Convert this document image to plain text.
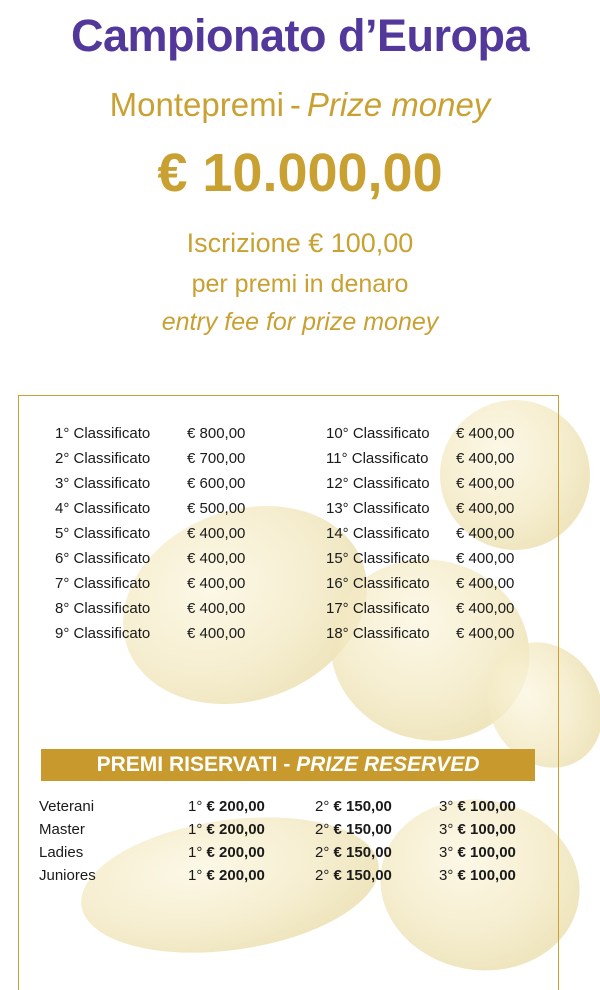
Campionato d’Europa
Montepremi - Prize money
€ 10.000,00
Iscrizione € 100,00
per premi in denaro
entry fee for prize money
1° Classificato € 800,00
2° Classificato € 700,00
3° Classificato € 600,00
4° Classificato € 500,00
5° Classificato € 400,00
6° Classificato € 400,00
7° Classificato € 400,00
8° Classificato € 400,00
9° Classificato € 400,00
10° Classificato € 400,00
11° Classificato € 400,00
12° Classificato € 400,00
13° Classificato € 400,00
14° Classificato € 400,00
15° Classificato € 400,00
16° Classificato € 400,00
17° Classificato € 400,00
18° Classificato € 400,00
PREMI RISERVATI - PRIZE RESERVED
Veterani	1° € 200,00	2° € 150,00	3° € 100,00
Master	1° € 200,00	2° € 150,00	3° € 100,00
Ladies	1° € 200,00	2° € 150,00	3° € 100,00
Juniores	1° € 200,00	2° € 150,00	3° € 100,00
